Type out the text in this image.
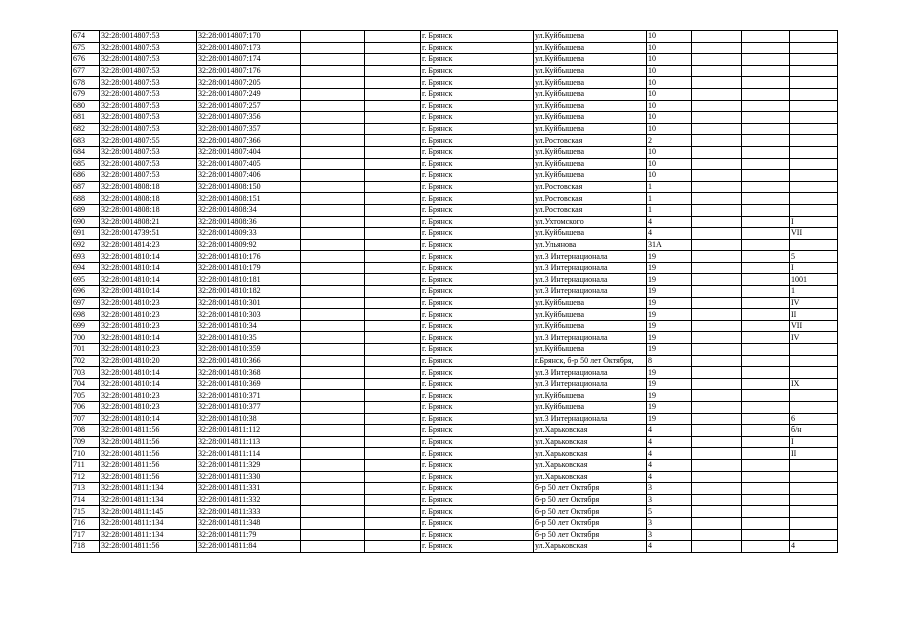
674	32:28:0014807:53	32:28:0014807:170			г. Брянск	ул.Куйбышева	10			
675	32:28:0014807:53	32:28:0014807:173			г. Брянск	ул.Куйбышева	10			
676	32:28:0014807:53	32:28:0014807:174			г. Брянск	ул.Куйбышева	10			
677	32:28:0014807:53	32:28:0014807:176			г. Брянск	ул.Куйбышева	10			
678	32:28:0014807:53	32:28:0014807:205			г. Брянск	ул.Куйбышева	10			
679	32:28:0014807:53	32:28:0014807:249			г. Брянск	ул.Куйбышева	10			
680	32:28:0014807:53	32:28:0014807:257			г. Брянск	ул.Куйбышева	10			
681	32:28:0014807:53	32:28:0014807:356			г. Брянск	ул.Куйбышева	10			
682	32:28:0014807:53	32:28:0014807:357			г. Брянск	ул.Куйбышева	10			
683	32:28:0014807:55	32:28:0014807:366			г. Брянск	ул.Ростовская	2			
684	32:28:0014807:53	32:28:0014807:404			г. Брянск	ул.Куйбышева	10			
685	32:28:0014807:53	32:28:0014807:405			г. Брянск	ул.Куйбышева	10			
686	32:28:0014807:53	32:28:0014807:406			г. Брянск	ул.Куйбышева	10			
687	32:28:0014808:18	32:28:0014808:150			г. Брянск	ул.Ростовская	1			
688	32:28:0014808:18	32:28:0014808:151			г. Брянск	ул.Ростовская	1			
689	32:28:0014808:18	32:28:0014808:34			г. Брянск	ул.Ростовская	1			
690	32:28:0014808:21	32:28:0014808:36			г. Брянск	ул.Ухтомского	4			I
691	32:28:0014739:51	32:28:0014809:33			г. Брянск	ул.Куйбышева	4			VII
692	32:28:0014814:23	32:28:0014809:92			г. Брянск	ул.Ульянова	31А			
693	32:28:0014810:14	32:28:0014810:176			г. Брянск	ул.3 Интернационала	19			5
694	32:28:0014810:14	32:28:0014810:179			г. Брянск	ул.3 Интернационала	19			I
695	32:28:0014810:14	32:28:0014810:181			г. Брянск	ул.3 Интернационала	19			1001
696	32:28:0014810:14	32:28:0014810:182			г. Брянск	ул.3 Интернационала	19			1
697	32:28:0014810:23	32:28:0014810:301			г. Брянск	ул.Куйбышева	19			IV
698	32:28:0014810:23	32:28:0014810:303			г. Брянск	ул.Куйбышева	19			II
699	32:28:0014810:23	32:28:0014810:34			г. Брянск	ул.Куйбышева	19			VII
700	32:28:0014810:14	32:28:0014810:35			г. Брянск	ул.3 Интернационала	19			IV
701	32:28:0014810:23	32:28:0014810:359			г. Брянск	ул.Куйбышева	19			
702	32:28:0014810:20	32:28:0014810:366			г. Брянск	г.Брянск, б-р 50 лет Октября,	8			
703	32:28:0014810:14	32:28:0014810:368			г. Брянск	ул.3 Интернационала	19			
704	32:28:0014810:14	32:28:0014810:369			г. Брянск	ул.3 Интернационала	19			IX
705	32:28:0014810:23	32:28:0014810:371			г. Брянск	ул.Куйбышева	19			
706	32:28:0014810:23	32:28:0014810:377			г. Брянск	ул.Куйбышева	19			
707	32:28:0014810:14	32:28:0014810:38			г. Брянск	ул.3 Интернационала	19			6
708	32:28:0014811:56	32:28:0014811:112			г. Брянск	ул.Харьковская	4			б/н
709	32:28:0014811:56	32:28:0014811:113			г. Брянск	ул.Харьковская	4			I
710	32:28:0014811:56	32:28:0014811:114			г. Брянск	ул.Харьковская	4			II
711	32:28:0014811:56	32:28:0014811:329			г. Брянск	ул.Харьковская	4			
712	32:28:0014811:56	32:28:0014811:330			г. Брянск	ул.Харьковская	4			
713	32:28:0014811:134	32:28:0014811:331			г. Брянск	б-р 50 лет Октября	3			
714	32:28:0014811:134	32:28:0014811:332			г. Брянск	б-р 50 лет Октября	3			
715	32:28:0014811:145	32:28:0014811:333			г. Брянск	б-р 50 лет Октября	5			
716	32:28:0014811:134	32:28:0014811:348			г. Брянск	б-р 50 лет Октября	3			
717	32:28:0014811:134	32:28:0014811:79			г. Брянск	б-р 50 лет Октября	3			
718	32:28:0014811:56	32:28:0014811:84			г. Брянск	ул.Харьковская	4			4
